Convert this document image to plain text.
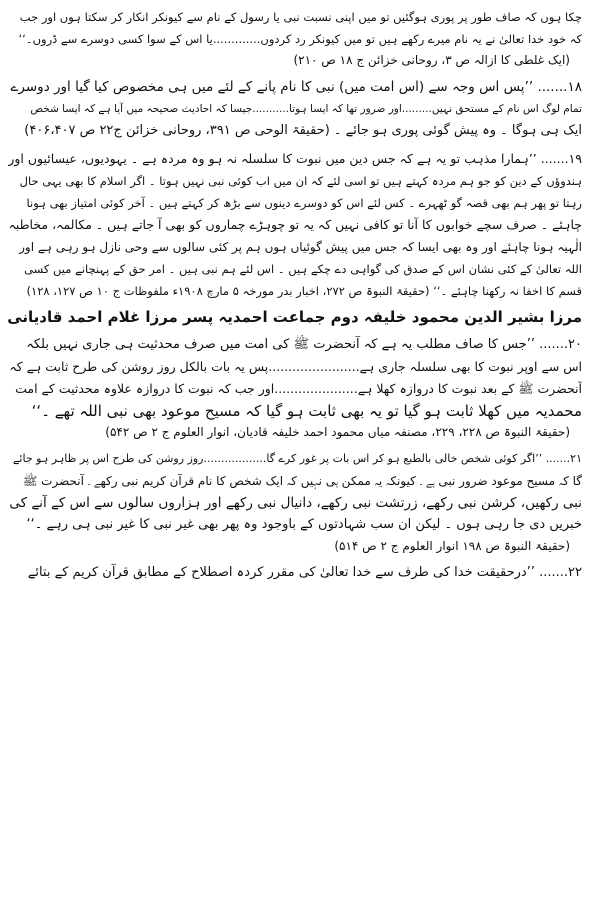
چکا ہوں کہ صاف طور پر پوری ہوگئیں تو میں اپنی نسبت نبی یا رسول کے نام سے کیونکر انکار کر سکتا ہوں اور جب
کہ خود خدا تعالیٰ نے یہ نام میرے رکھے ہیں تو میں کیونکر رد کردوں.............یا اس کے سوا کسی دوسرے سے ڈروں۔‘‘
(ایک غلطی کا ازالہ ص ۳، روحانی خزائن ج ۱۸ ص ۲۱۰)
۱۸....... ’’پس اس وجہ سے (اس امت میں) نبی کا نام پانے کے لئے میں ہی مخصوص کیا گیا اور دوسرے
تمام لوگ اس نام کے مستحق نہیں.........اور ضرور تھا کہ ایسا ہوتا...........جیسا کہ احادیث صحیحہ میں آیا ہے کہ ایسا شخص
ایک ہی ہوگا ۔ وہ پیش گوئی پوری ہو جائے ۔ (حقیقۃ الوحی ص ۳۹۱، روحانی خزائن ج۲۲ ص ۴۰۶،۴۰۷)
۱۹....... ’’ہمارا مذہب تو یہ ہے کہ جس دین میں نبوت کا سلسلہ نہ ہو وہ مردہ ہے ۔ یہودیوں، عیسائیوں اور
ہندوؤں کے دین کو جو ہم مردہ کہتے ہیں تو اسی لئے کہ ان میں اب کوئی نبی نہیں ہوتا ۔ اگر اسلام کا بھی یہی حال
رہتا تو پھر ہم بھی قصہ گو ٹھہرے ۔ کس لئے اس کو دوسرے دینوں سے بڑھ کر کہتے ہیں ۔ آخر کوئی امتیاز بھی ہونا
چاہئے ۔ صرف سچے خوابوں کا آنا تو کافی نہیں کہ یہ تو چوہڑے چماروں کو بھی آ جاتے ہیں ۔ مکالمہ، مخاطبہ
الٰہیہ ہونا چاہئے اور وہ بھی ایسا کہ جس میں پیش گوئیاں ہوں ہم پر کئی سالوں سے وحی نازل ہو رہی ہے اور
اللہ تعالیٰ کے کئی نشان اس کے صدق کی گواہی دے چکے ہیں ۔ اس لئے ہم نبی ہیں ۔ امر حق کے پہنچانے میں کسی
قسم کا اخفا نہ رکھنا چاہئے ۔‘‘ (حقیقۃ النبوۃ ص ۲۷۲، اخبار بدر مورخہ ۵ مارچ ۱۹۰۸ء ملفوظات ج ۱۰ ص ۱۲۷، ۱۲۸)
مرزا بشیر الدین محمود خلیفہ دوم جماعت احمدیہ پسر مرزا غلام احمد قادیانی
۲۰....... ’’جس کا صاف مطلب یہ ہے کہ آنحضرت ﷺ کی امت میں صرف محدثیت ہی جاری نہیں بلکہ
اس سے اوپر نبوت کا بھی سلسلہ جاری ہے.......................پس یہ بات بالکل روز روشن کی طرح ثابت ہے کہ
آنحضرت ﷺ کے بعد نبوت کا دروازہ کھلا ہے.....................اور جب کہ نبوت کا دروازہ علاوہ محدثیت کے امت
محمدیہ میں کھلا ثابت ہو گیا تو یہ بھی ثابت ہو گیا کہ مسیح موعود بھی نبی اللہ تھے ۔‘‘
(حقیقۃ النبوۃ ص ۲۲۸، ۲۲۹، مصنفہ میاں محمود احمد خلیفہ قادیان، انوار العلوم ج ۲ ص ۵۴۲)
۲۱....... ’’اگر کوئی شخص خالی بالطبع ہو کر اس بات پر غور کرے گا..................روز روشن کی طرح اس پر ظاہر ہو جائے
گا کہ مسیح موعود ضرور نبی ہے ۔ کیونکہ یہ ممکن ہی نہیں کہ ایک شخص کا نام قرآن کریم نبی رکھے ۔ آنحضرت ﷺ
نبی رکھیں، کرشن نبی رکھے، زرتشت نبی رکھے، دانیال نبی رکھے اور ہزاروں سالوں سے اس کے آنے کی
خبریں دی جا رہی ہوں ۔ لیکن ان سب شہادتوں کے باوجود وہ پھر بھی غیر نبی کا غیر نبی ہی رہے ۔‘‘
(حقیقۃ النبوۃ ص ۱۹۸ انوار العلوم ج ۲ ص ۵۱۴)
۲۲....... ’’درحقیقت خدا کی طرف سے خدا تعالیٰ کی مقرر کردہ اصطلاح کے مطابق قرآن کریم کے بتائے
